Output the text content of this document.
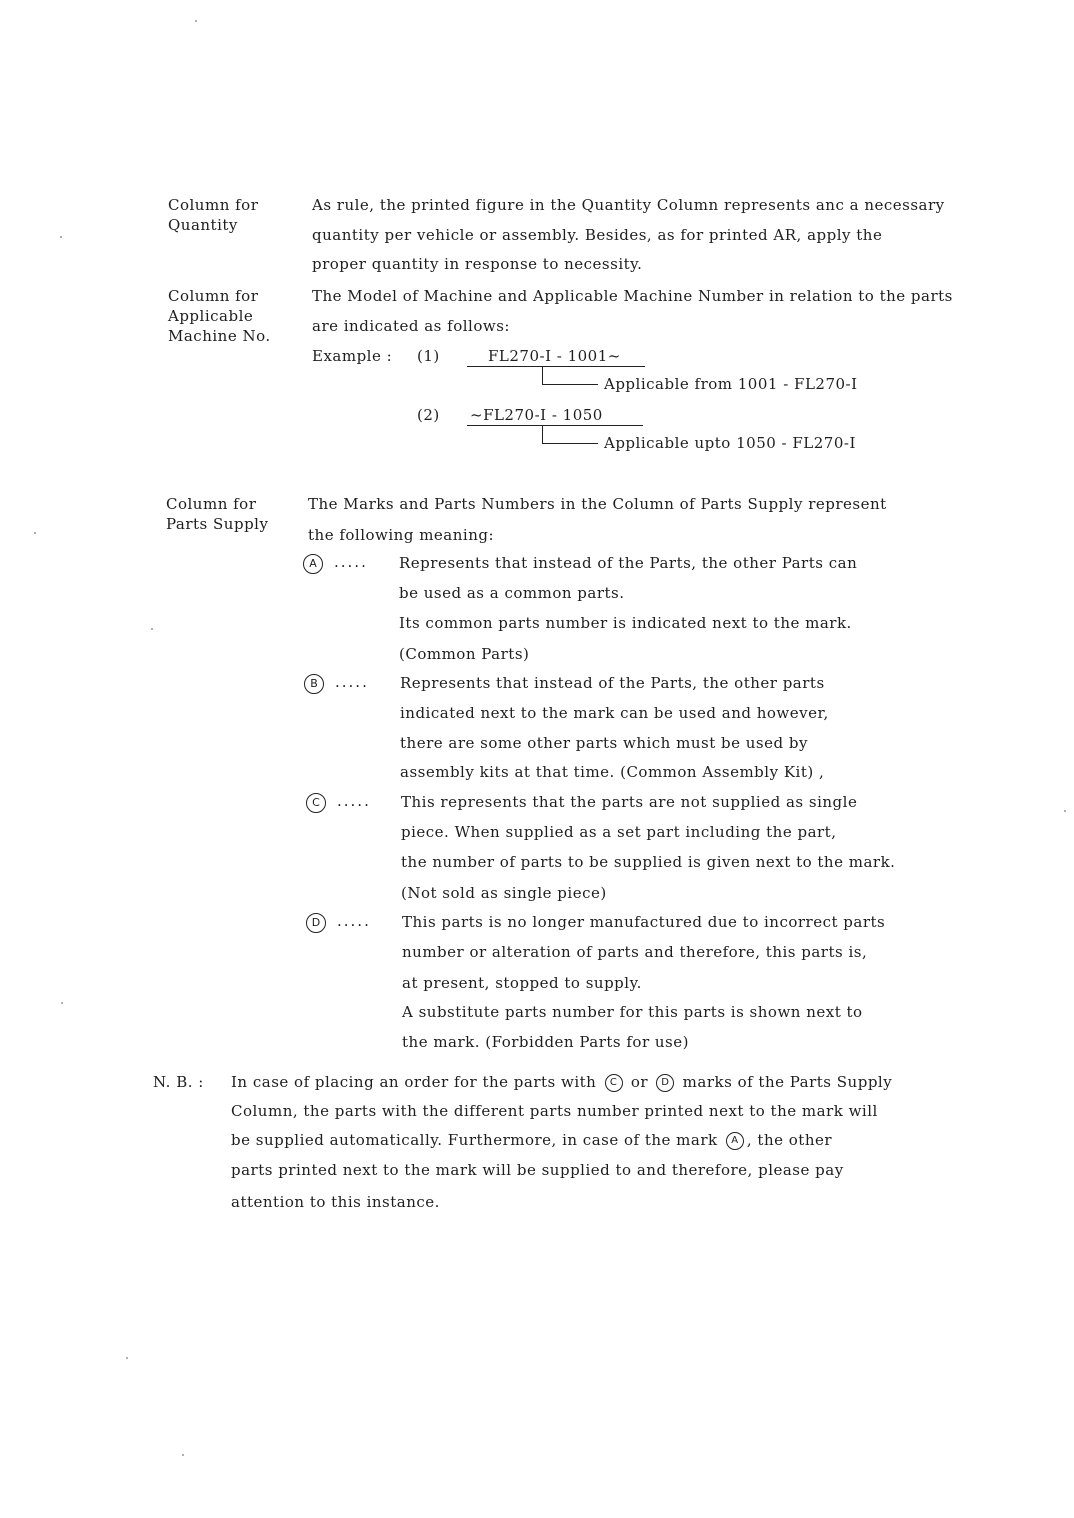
Column for
Quantity
As rule, the printed figure in the Quantity Column represents anc a necessary
quantity per vehicle or assembly. Besides, as for printed AR, apply the
proper quantity in response to necessity.
Column for
Applicable
Machine No.
The Model of Machine and Applicable Machine Number in relation to the parts
are indicated as follows:
Example : (1)	FL270-I - 1001~
Applicable from 1001 - FL270-I
(2) ~FL270-I - 1050
Applicable upto 1050 - FL270-I
Column for
Parts Supply
The Marks and Parts Numbers in the Column of Parts Supply represent
the following meaning:
A	..... Represents that instead of the Parts, the other Parts can
be used as a common parts.
Its common parts number is indicated next to the mark.
(Common Parts)
B	..... Represents that instead of the Parts, the other parts
indicated next to the mark can be used and however,
there are some other parts which must be used by
assembly kits at that time. (Common Assembly Kit) ,
C	..... This represents that the parts are not supplied as single
piece. When supplied as a set part including the part,
the number of parts to be supplied is given next to the mark.
(Not sold as single piece)
D	..... This parts is no longer manufactured due to incorrect parts
number or alteration of parts and therefore, this parts is,
at present, stopped to supply.
A substitute parts number for this parts is shown next to
the mark. (Forbidden Parts for use)
N. B. : In case of placing an order for the parts with C or D marks of the Parts Supply
Column, the parts with the different parts number printed next to the mark will
be supplied automatically. Furthermore, in case of the mark A , the other
parts printed next to the mark will be supplied to and therefore, please pay
attention to this instance.
